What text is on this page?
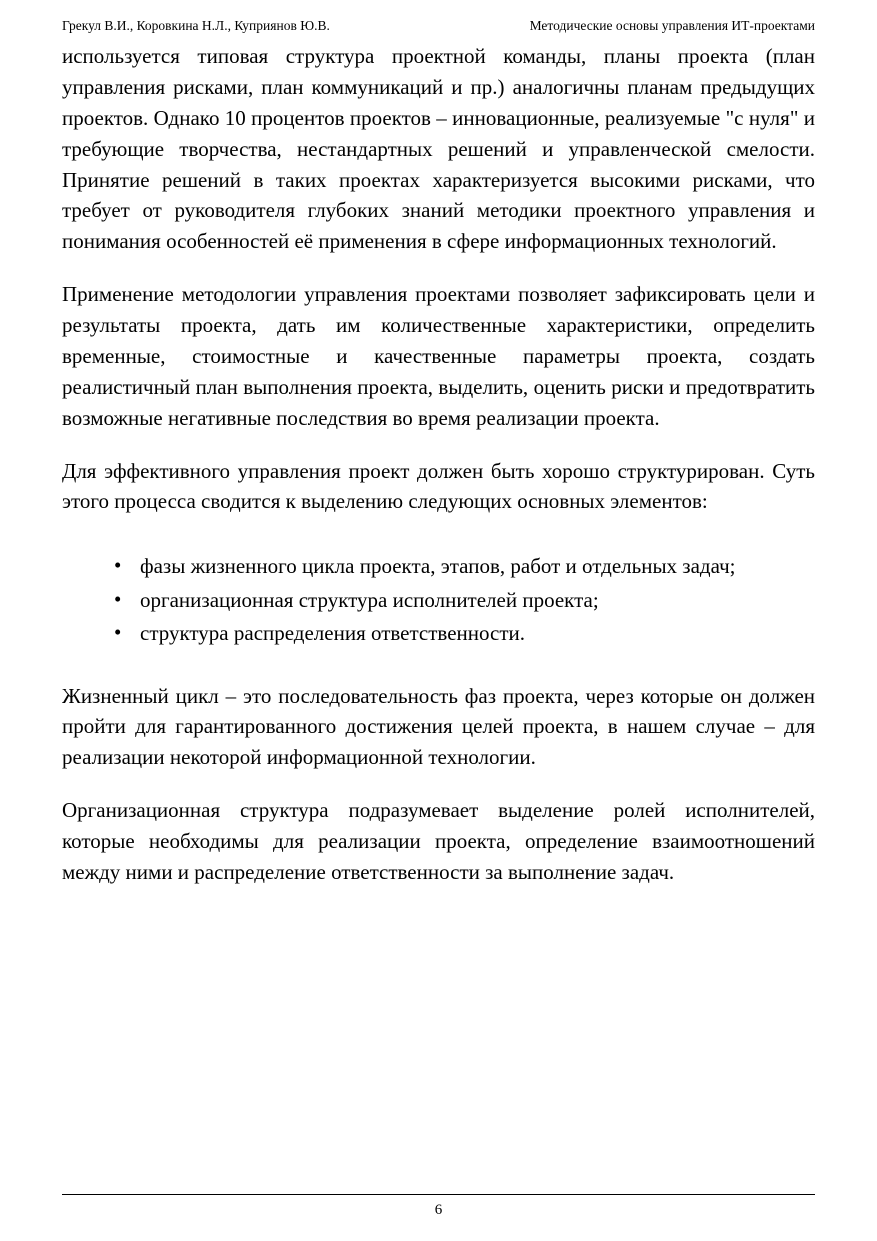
Грекул В.И., Коровкина Н.Л., Куприянов Ю.В.	Методические основы управления ИТ-проектами

используется типовая структура проектной команды, планы проекта (план управления рисками, план коммуникаций и пр.) аналогичны планам предыдущих проектов. Однако 10 процентов проектов – инновационные, реализуемые "с нуля" и требующие творчества, нестандартных решений и управленческой смелости. Принятие решений в таких проектах характеризуется высокими рисками, что требует от руководителя глубоких знаний методики проектного управления и понимания особенностей её применения в сфере информационных технологий.

Применение методологии управления проектами позволяет зафиксировать цели и результаты проекта, дать им количественные характеристики, определить временные, стоимостные и качественные параметры проекта, создать реалистичный план выполнения проекта, выделить, оценить риски и предотвратить возможные негативные последствия во время реализации проекта.

Для эффективного управления проект должен быть хорошо структурирован. Суть этого процесса сводится к выделению следующих основных элементов:

• фазы жизненного цикла проекта, этапов, работ и отдельных задач;
• организационная структура исполнителей проекта;
• структура распределения ответственности.

Жизненный цикл – это последовательность фаз проекта, через которые он должен пройти для гарантированного достижения целей проекта, в нашем случае – для реализации некоторой информационной технологии.

Организационная структура подразумевает выделение ролей исполнителей, которые необходимы для реализации проекта, определение взаимоотношений между ними и распределение ответственности за выполнение задач.

6
